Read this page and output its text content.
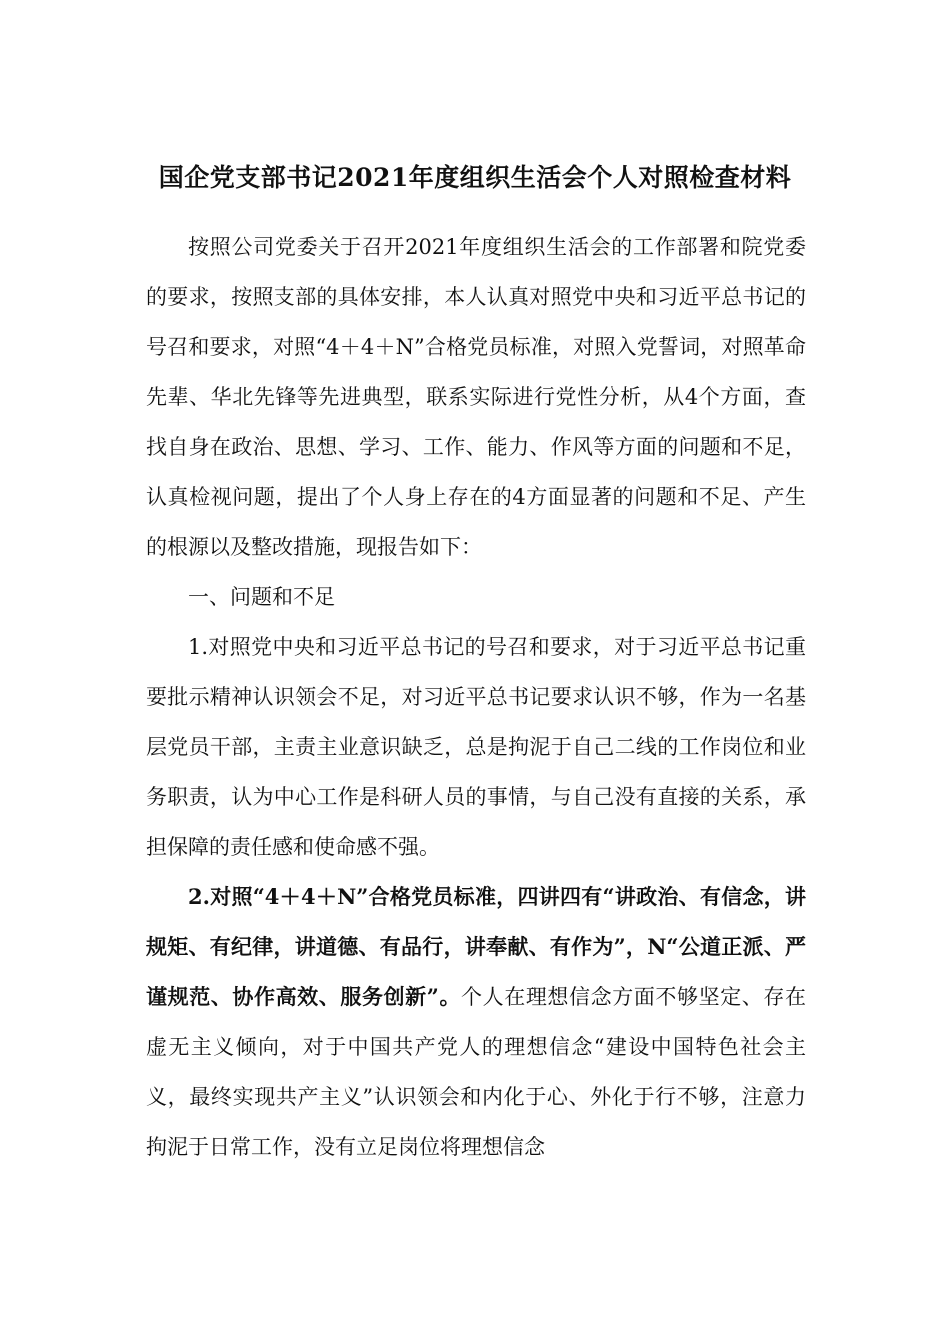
国企党支部书记2021年度组织生活会个人对照检查材料

按照公司党委关于召开2021年度组织生活会的工作部署和院党委的要求，按照支部的具体安排，本人认真对照党中央和习近平总书记的号召和要求，对照“4＋4＋N”合格党员标准，对照入党誓词，对照革命先辈、华北先锋等先进典型，联系实际进行党性分析，从4个方面，查找自身在政治、思想、学习、工作、能力、作风等方面的问题和不足，认真检视问题，提出了个人身上存在的4方面显著的问题和不足、产生的根源以及整改措施，现报告如下：

一、问题和不足

1.对照党中央和习近平总书记的号召和要求，对于习近平总书记重要批示精神认识领会不足，对习近平总书记要求认识不够，作为一名基层党员干部，主责主业意识缺乏，总是拘泥于自己二线的工作岗位和业务职责，认为中心工作是科研人员的事情，与自己没有直接的关系，承担保障的责任感和使命感不强。

2.对照“4＋4＋N”合格党员标准，四讲四有“讲政治、有信念，讲规矩、有纪律，讲道德、有品行，讲奉献、有作为”，N“公道正派、严谨规范、协作高效、服务创新”。个人在理想信念方面不够坚定、存在虚无主义倾向，对于中国共产党人的理想信念“建设中国特色社会主义，最终实现共产主义”认识领会和内化于心、外化于行不够，注意力拘泥于日常工作，没有立足岗位将理想信念
